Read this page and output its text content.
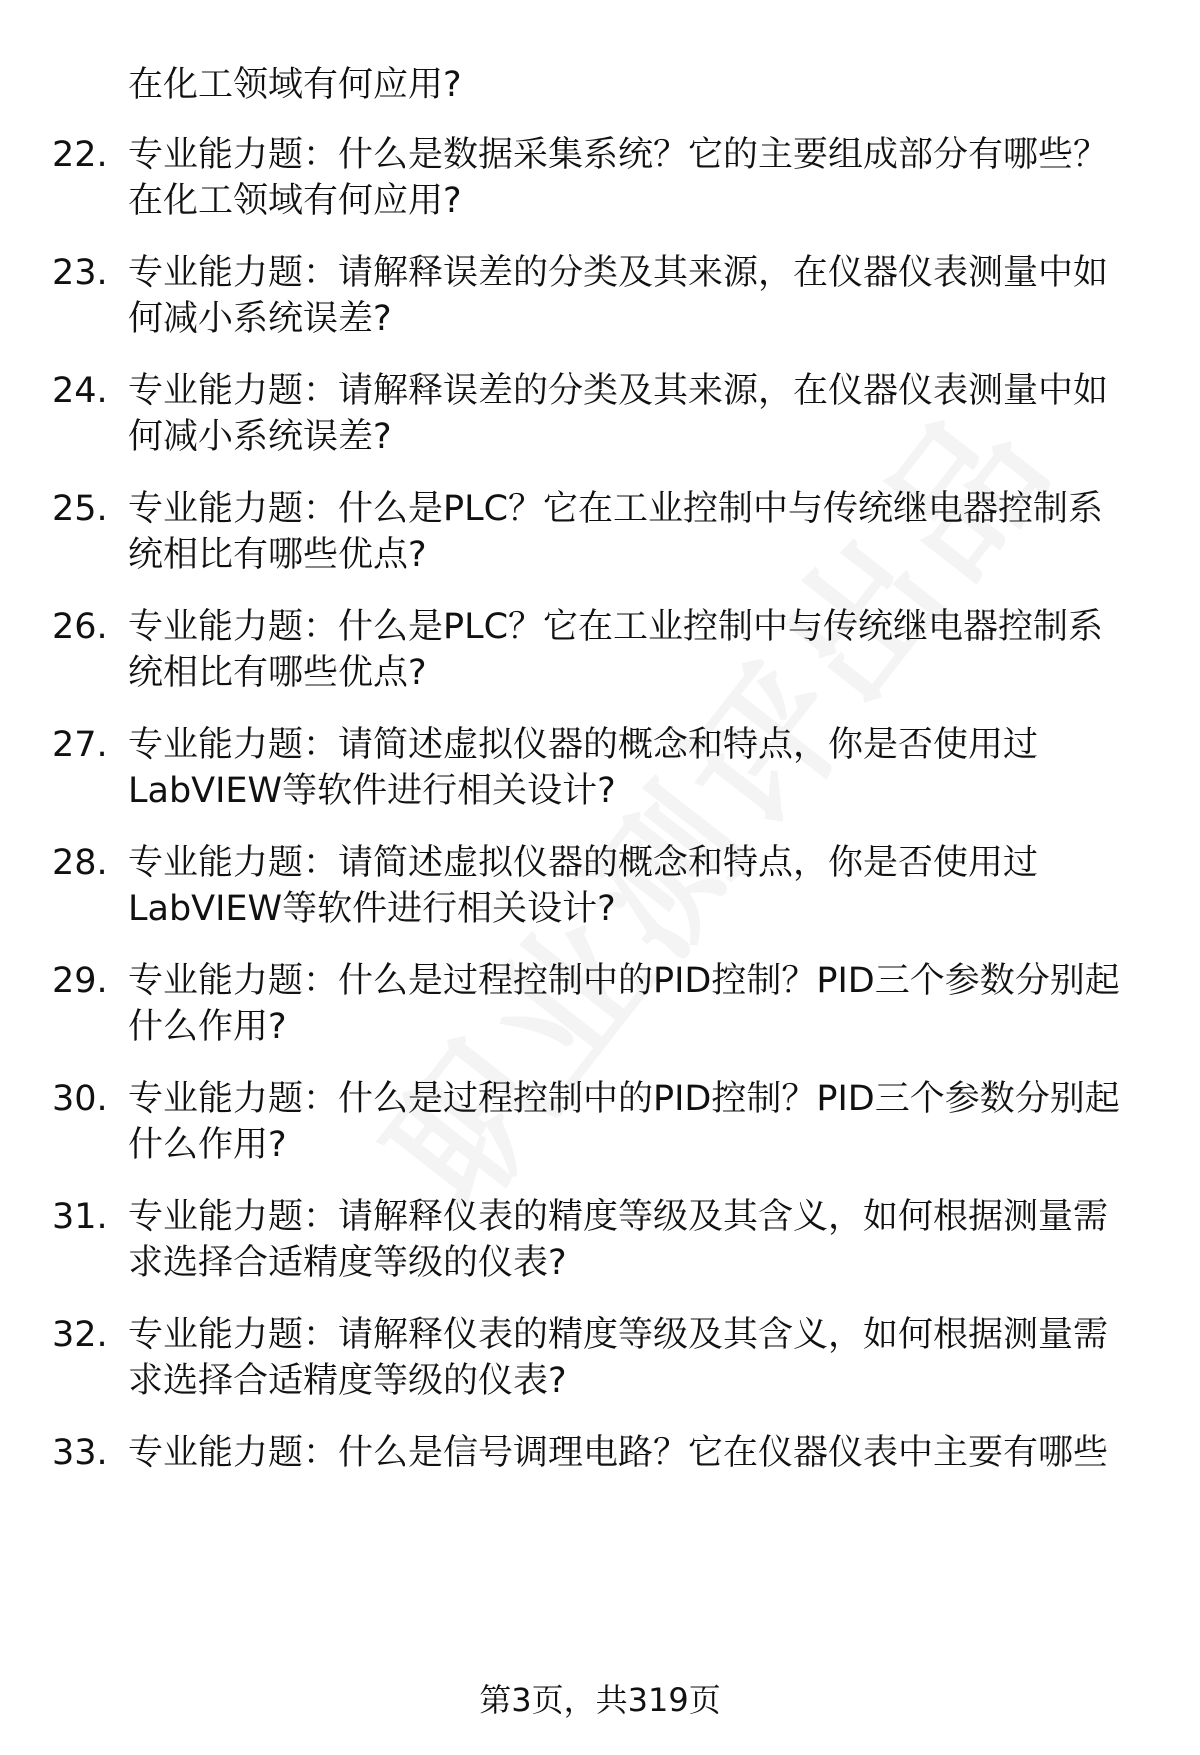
在化工领域有何应用?
22. 专业能力题：什么是数据采集系统？它的主要组成部分有哪些？
在化工领域有何应用?
23. 专业能力题：请解释误差的分类及其来源，在仪器仪表测量中如
何减小系统误差?
24. 专业能力题：请解释误差的分类及其来源，在仪器仪表测量中如
何减小系统误差?
25. 专业能力题：什么是PLC？它在工业控制中与传统继电器控制系
统相比有哪些优点?
26. 专业能力题：什么是PLC？它在工业控制中与传统继电器控制系
统相比有哪些优点?
27. 专业能力题：请简述虚拟仪器的概念和特点，你是否使用过
LabVIEW等软件进行相关设计?
28. 专业能力题：请简述虚拟仪器的概念和特点，你是否使用过
LabVIEW等软件进行相关设计?
29. 专业能力题：什么是过程控制中的PID控制？PID三个参数分别起
什么作用?
30. 专业能力题：什么是过程控制中的PID控制？PID三个参数分别起
什么作用?
31. 专业能力题：请解释仪表的精度等级及其含义，如何根据测量需
求选择合适精度等级的仪表?
32. 专业能力题：请解释仪表的精度等级及其含义，如何根据测量需
求选择合适精度等级的仪表?
33. 专业能力题：什么是信号调理电路？它在仪器仪表中主要有哪些
第3页，共319页
